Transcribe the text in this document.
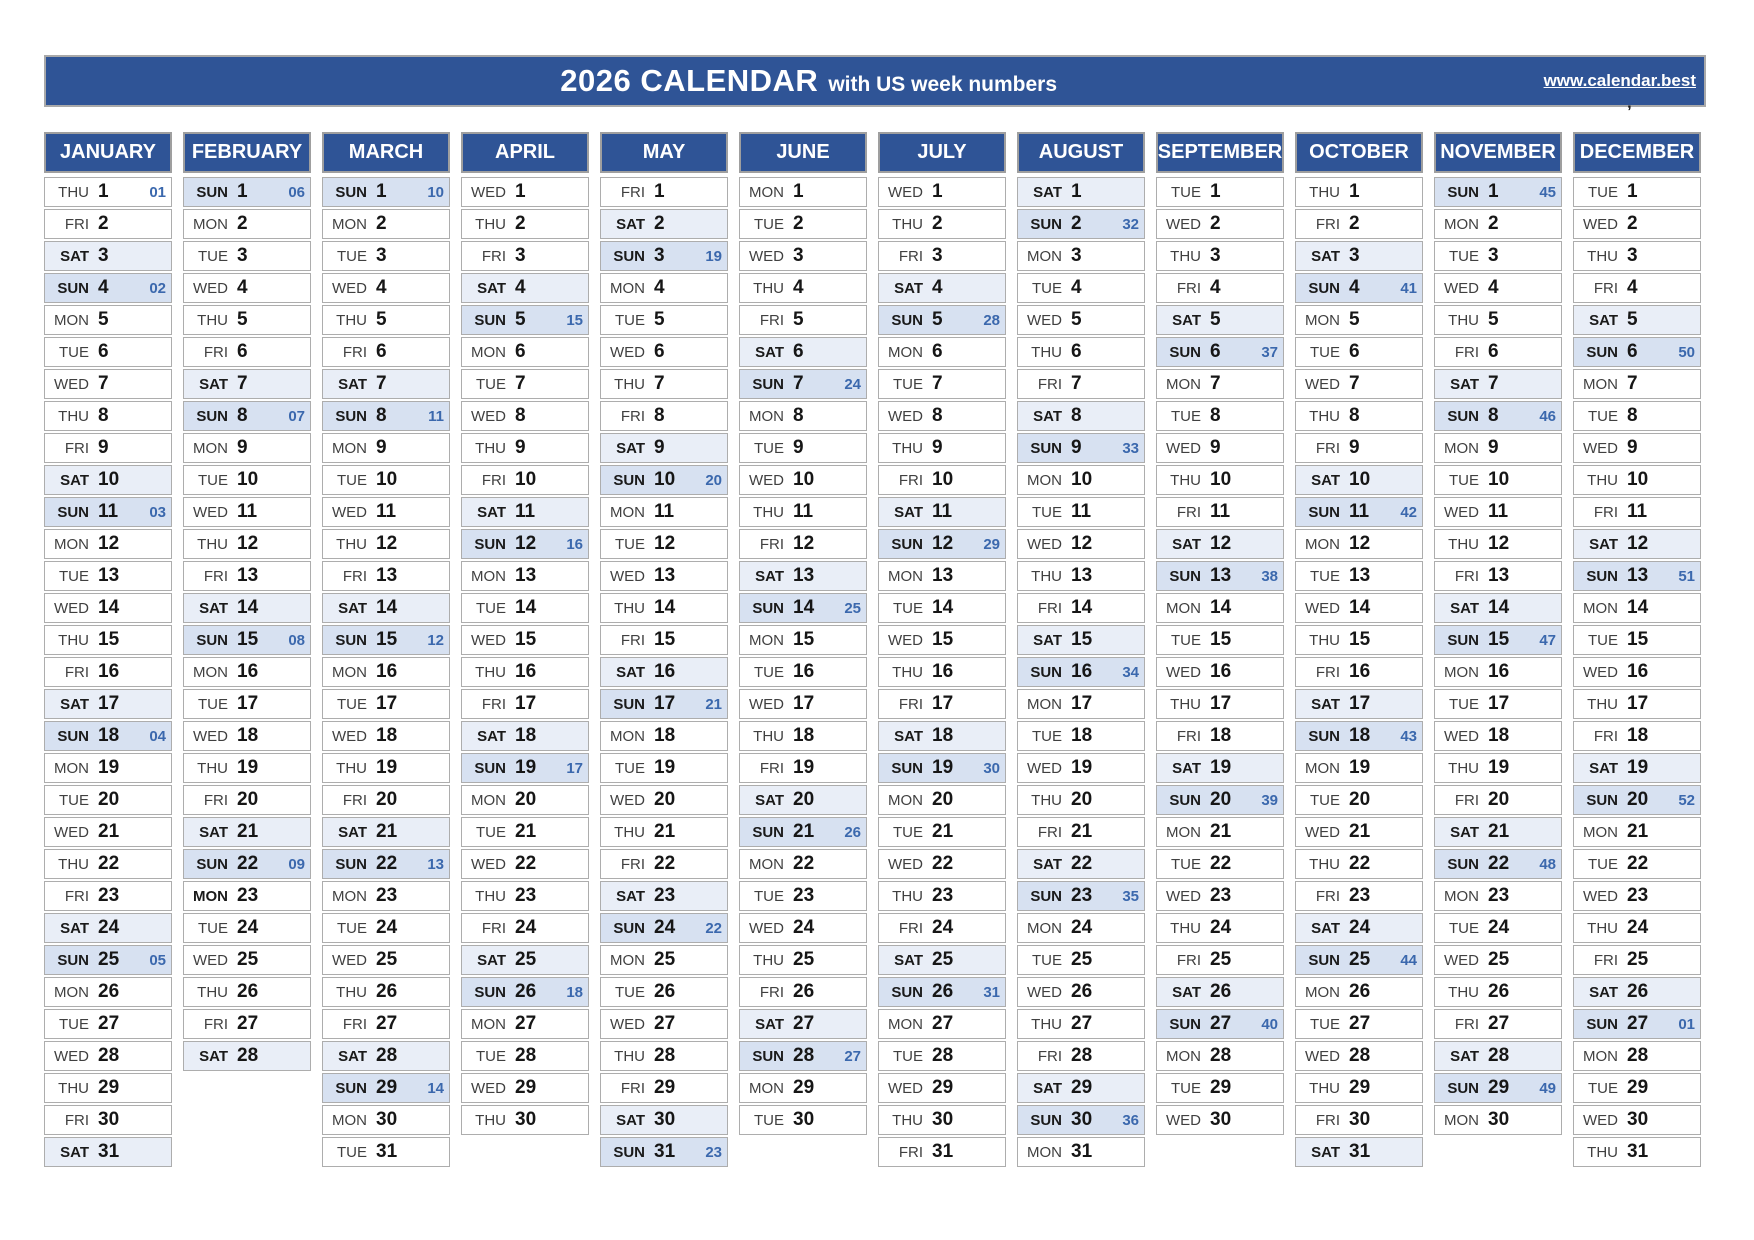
2026 CALENDAR with US week numbers	www.calendar.best
’
JANUARY
THU 1	01
FRI 2
SAT 3
SUN 4	02
MON 5
TUE 6
WED 7
THU 8
FRI 9
SAT 10
SUN 11	03
MON 12
TUE 13
WED 14
THU 15
FRI 16
SAT 17
SUN 18	04
MON 19
TUE 20
WED 21
THU 22
FRI 23
SAT 24
SUN 25	05
MON 26
TUE 27
WED 28
THU 29
FRI 30
SAT 31
FEBRUARY
SUN 1	06
MON 2
TUE 3
WED 4
THU 5
FRI 6
SAT 7
SUN 8	07
MON 9
TUE 10
WED 11
THU 12
FRI 13
SAT 14
SUN 15	08
MON 16
TUE 17
WED 18
THU 19
FRI 20
SAT 21
SUN 22	09
MON 23
TUE 24
WED 25
THU 26
FRI 27
SAT 28
MARCH
SUN 1	10
MON 2
TUE 3
WED 4
THU 5
FRI 6
SAT 7
SUN 8	11
MON 9
TUE 10
WED 11
THU 12
FRI 13
SAT 14
SUN 15	12
MON 16
TUE 17
WED 18
THU 19
FRI 20
SAT 21
SUN 22	13
MON 23
TUE 24
WED 25
THU 26
FRI 27
SAT 28
SUN 29	14
MON 30
TUE 31
APRIL
WED 1
THU 2
FRI 3
SAT 4
SUN 5	15
MON 6
TUE 7
WED 8
THU 9
FRI 10
SAT 11
SUN 12	16
MON 13
TUE 14
WED 15
THU 16
FRI 17
SAT 18
SUN 19	17
MON 20
TUE 21
WED 22
THU 23
FRI 24
SAT 25
SUN 26	18
MON 27
TUE 28
WED 29
THU 30
MAY
FRI 1
SAT 2
SUN 3	19
MON 4
TUE 5
WED 6
THU 7
FRI 8
SAT 9
SUN 10	20
MON 11
TUE 12
WED 13
THU 14
FRI 15
SAT 16
SUN 17	21
MON 18
TUE 19
WED 20
THU 21
FRI 22
SAT 23
SUN 24	22
MON 25
TUE 26
WED 27
THU 28
FRI 29
SAT 30
SUN 31	23
JUNE
MON 1
TUE 2
WED 3
THU 4
FRI 5
SAT 6
SUN 7	24
MON 8
TUE 9
WED 10
THU 11
FRI 12
SAT 13
SUN 14	25
MON 15
TUE 16
WED 17
THU 18
FRI 19
SAT 20
SUN 21	26
MON 22
TUE 23
WED 24
THU 25
FRI 26
SAT 27
SUN 28	27
MON 29
TUE 30
JULY
WED 1
THU 2
FRI 3
SAT 4
SUN 5	28
MON 6
TUE 7
WED 8
THU 9
FRI 10
SAT 11
SUN 12	29
MON 13
TUE 14
WED 15
THU 16
FRI 17
SAT 18
SUN 19	30
MON 20
TUE 21
WED 22
THU 23
FRI 24
SAT 25
SUN 26	31
MON 27
TUE 28
WED 29
THU 30
FRI 31
AUGUST
SAT 1
SUN 2	32
MON 3
TUE 4
WED 5
THU 6
FRI 7
SAT 8
SUN 9	33
MON 10
TUE 11
WED 12
THU 13
FRI 14
SAT 15
SUN 16	34
MON 17
TUE 18
WED 19
THU 20
FRI 21
SAT 22
SUN 23	35
MON 24
TUE 25
WED 26
THU 27
FRI 28
SAT 29
SUN 30	36
MON 31
SEPTEMBER
TUE 1
WED 2
THU 3
FRI 4
SAT 5
SUN 6	37
MON 7
TUE 8
WED 9
THU 10
FRI 11
SAT 12
SUN 13	38
MON 14
TUE 15
WED 16
THU 17
FRI 18
SAT 19
SUN 20	39
MON 21
TUE 22
WED 23
THU 24
FRI 25
SAT 26
SUN 27	40
MON 28
TUE 29
WED 30
OCTOBER
THU 1
FRI 2
SAT 3
SUN 4	41
MON 5
TUE 6
WED 7
THU 8
FRI 9
SAT 10
SUN 11	42
MON 12
TUE 13
WED 14
THU 15
FRI 16
SAT 17
SUN 18	43
MON 19
TUE 20
WED 21
THU 22
FRI 23
SAT 24
SUN 25	44
MON 26
TUE 27
WED 28
THU 29
FRI 30
SAT 31
NOVEMBER
SUN 1	45
MON 2
TUE 3
WED 4
THU 5
FRI 6
SAT 7
SUN 8	46
MON 9
TUE 10
WED 11
THU 12
FRI 13
SAT 14
SUN 15	47
MON 16
TUE 17
WED 18
THU 19
FRI 20
SAT 21
SUN 22	48
MON 23
TUE 24
WED 25
THU 26
FRI 27
SAT 28
SUN 29	49
MON 30
DECEMBER
TUE 1
WED 2
THU 3
FRI 4
SAT 5
SUN 6	50
MON 7
TUE 8
WED 9
THU 10
FRI 11
SAT 12
SUN 13	51
MON 14
TUE 15
WED 16
THU 17
FRI 18
SAT 19
SUN 20	52
MON 21
TUE 22
WED 23
THU 24
FRI 25
SAT 26
SUN 27	01
MON 28
TUE 29
WED 30
THU 31
